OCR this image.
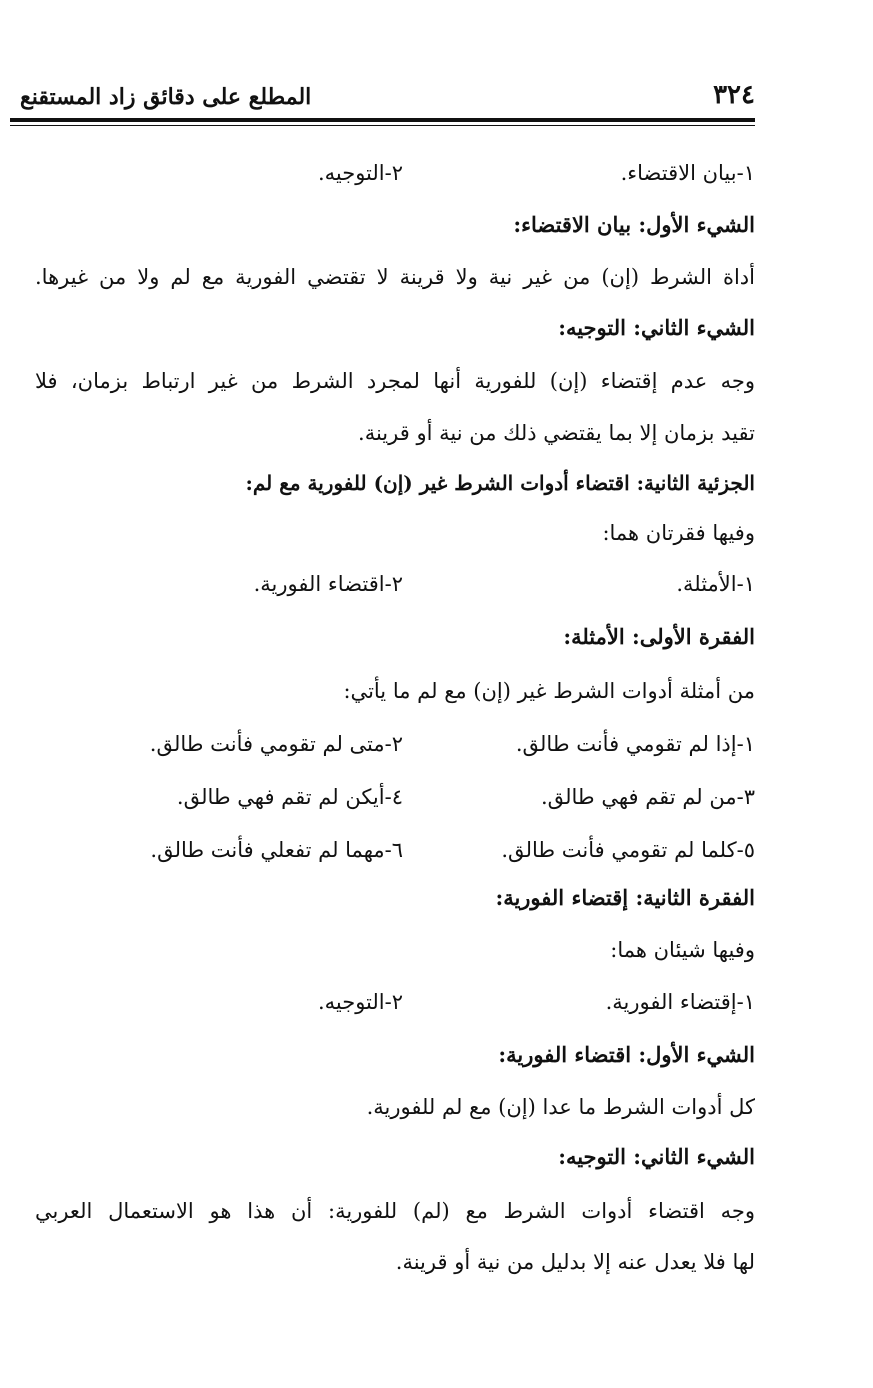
٣٢٤
المطلع على دقائق زاد المستقنع
١-بيان الاقتضاء.
٢-التوجيه.
الشيء الأول: بيان الاقتضاء:
أداة الشرط (إن) من غير نية ولا قرينة لا تقتضي الفورية مع لم ولا من غيرها.
الشيء الثاني: التوجيه:
وجه عدم إقتضاء (إن) للفورية أنها لمجرد الشرط من غير ارتباط بزمان، فلا
تقيد بزمان إلا بما يقتضي ذلك من نية أو قرينة.
الجزئية الثانية: اقتضاء أدوات الشرط غير (إن) للفورية مع لم:
وفيها فقرتان هما:
١-الأمثلة.
٢-اقتضاء الفورية.
الفقرة الأولى: الأمثلة:
من أمثلة أدوات الشرط غير (إن) مع لم ما يأتي:
١-إذا لم تقومي فأنت طالق.
٢-متى لم تقومي فأنت طالق.
٣-من لم تقم فهي طالق.
٤-أيكن لم تقم فهي طالق.
٥-كلما لم تقومي فأنت طالق.
٦-مهما لم تفعلي فأنت طالق.
الفقرة الثانية: إقتضاء الفورية:
وفيها شيئان هما:
١-إقتضاء الفورية.
٢-التوجيه.
الشيء الأول: اقتضاء الفورية:
كل أدوات الشرط ما عدا (إن) مع لم للفورية.
الشيء الثاني: التوجيه:
وجه اقتضاء أدوات الشرط مع (لم) للفورية: أن هذا هو الاستعمال العربي
لها فلا يعدل عنه إلا بدليل من نية أو قرينة.
